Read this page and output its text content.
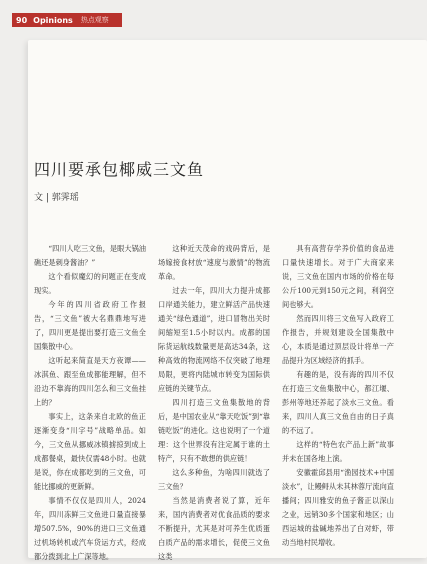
90 Opinions 热点观察
四川要承包椰威三文鱼
文 | 郭霁瑶

“四川人吃三文鱼，是眼大锅油礁还是刺身酱油？”

这个看似魔幻的问题正在变成现实。

今年的四川省政府工作报告，“三文鱼”被大名鼎鼎地写进了，四川更是提出要打造三文鱼全国集散中心。

这听起来简直是天方夜谭——冰淇鱼、跟至鱼成都能理解，但不沿边不靠海的四川怎么和三文鱼挂上的？

事实上，这条来自北欧的鱼正逐渐变身“川字号”战略单品。如今，三文鱼从挪威冰镇掳掠到成上成都餐桌，最快仅需48小时。也就是说，你在成都吃到的三文鱼，可能比挪威的更新鲜。

事情不仅仅是四川人，2024年，四川冻鲜三文鱼进口量直接暴增507.5%，90%的进口三文鱼通过机场转机或汽车货运方式，经成都分拨到北上广深等地。

这种近天茂命的戏码背后，是场嫁接食材放“速度与激情”的物流革命。

过去一年，四川大力提升成都口岸通关能力，建立鲜活产品快速通关“绿色通道”，进口冒物出关时间缩短至1.5小时以内。成都的国际货运航线数量更是高达34条，这种高效的物流网络不仅突破了地理局限，更将内陆城市转变为国际供应链的关键节点。

四川打造三文鱼集散地的背后，是中国农业从“靠天吃饭”到“靠链吃饭”的进化。这也说明了一个道理：这个世界没有注定属于谁的土特产，只有不敢想的供应链！

这么多种鱼，为啥四川就选了三文鱼？

当然是消费者说了算，近年来，国内消费者对优食品质的要求不断提升，尤其是对可养生优质蛋白质产品的需求增长，促使三文鱼这类

具有高营存学养价值的食品进口量快速增长。对于广大商家来说，三文鱼在国内市场的价格在每公斤100元到150元之间，利润空间也够大。

然而四川将三文鱼写入政府工作报告，并规划建设全国集散中心，本质是通过顶层设计将单一产品提升为区域经济的抓手。

有趣的是，没有海的四川不仅在打造三文鱼集散中心，都江堰、彭州等地还养起了淡水三文鱼。看来，四川人真三文鱼自由的日子真的不远了。

这样的“特色农产品上新”故事并未在国各地上演。

安徽霍邱县用“渔园技术+中国淡水”，让鳗鲟从未其林蓉厅流向直播间；四川雅安的鱼子酱正以深山之业，远销30多个国家和地区；山西运城的盐碱地养出了白对虾，带动当地村民增收。
